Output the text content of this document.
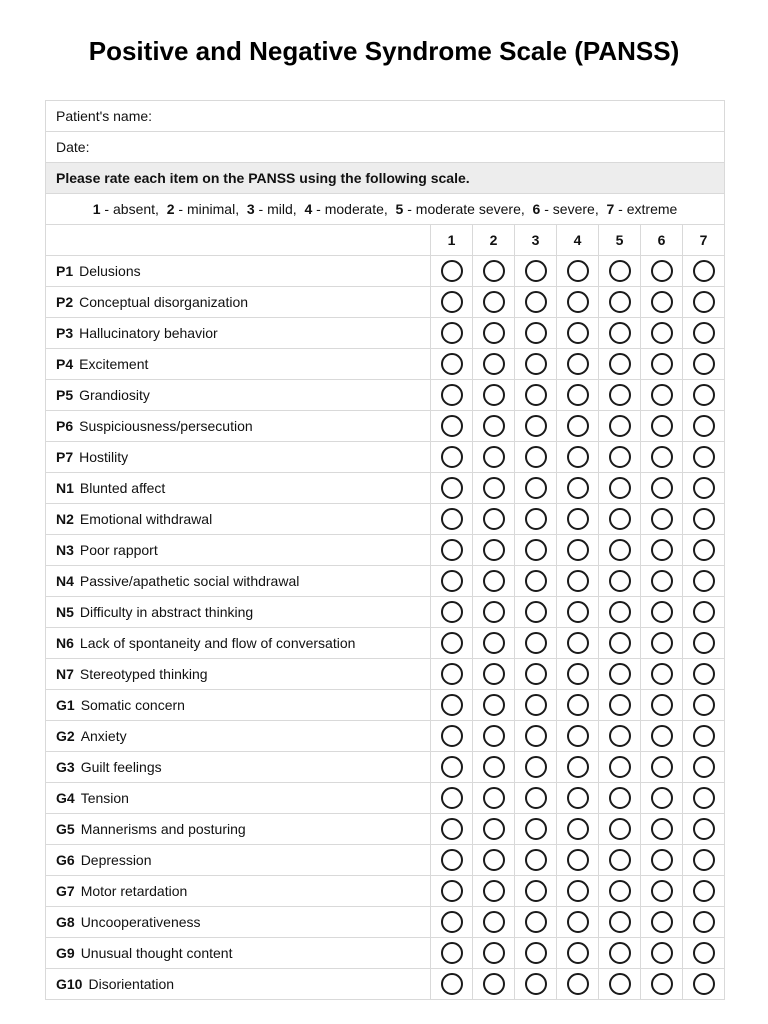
Positive and Negative Syndrome Scale (PANSS)
Patient's name:							
Date:							
Please rate each item on the PANSS using the following scale.							
1 - absent,  2 - minimal,  3 - mild,  4 - moderate,  5 - moderate severe,  6 - severe,  7 - extreme							
	1	2	3	4	5	6	7
P1 Delusions							
P2 Conceptual disorganization							
P3 Hallucinatory behavior							
P4 Excitement							
P5 Grandiosity							
P6 Suspiciousness/persecution							
P7 Hostility							
N1 Blunted affect							
N2 Emotional withdrawal							
N3 Poor rapport							
N4 Passive/apathetic social withdrawal							
N5 Difficulty in abstract thinking							
N6 Lack of spontaneity and flow of conversation							
N7 Stereotyped thinking							
G1 Somatic concern							
G2 Anxiety							
G3 Guilt feelings							
G4 Tension							
G5 Mannerisms and posturing							
G6 Depression							
G7 Motor retardation							
G8 Uncooperativeness							
G9 Unusual thought content							
G10 Disorientation							
